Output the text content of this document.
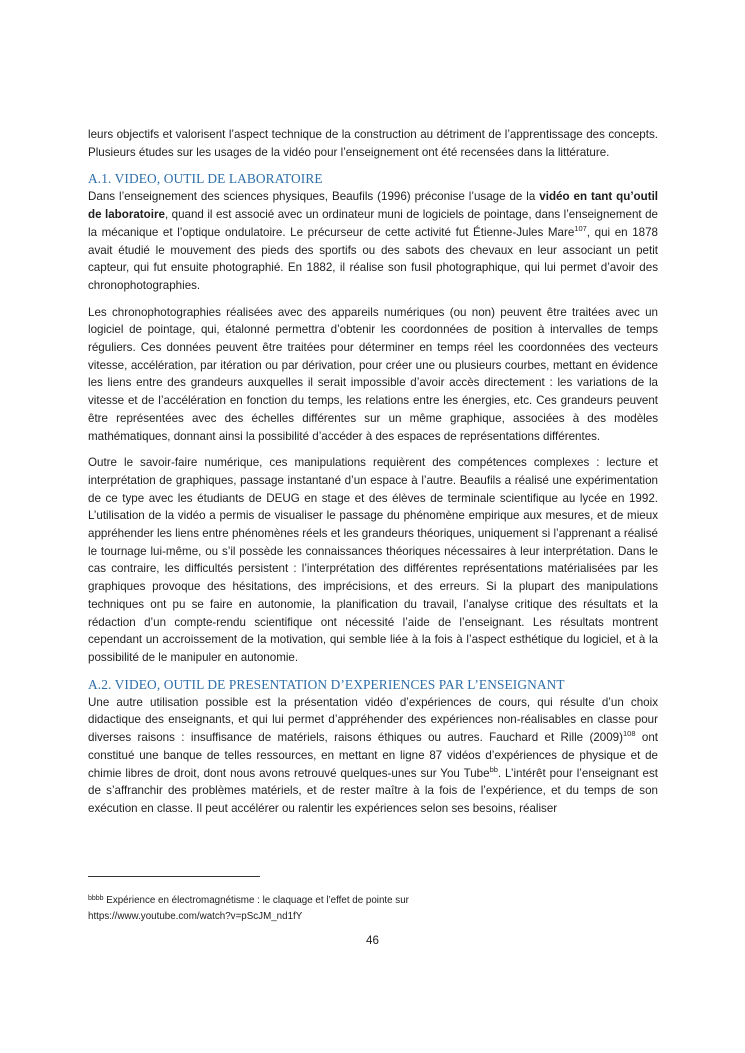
leurs objectifs et valorisent l’aspect technique de la construction au détriment de l’apprentissage des concepts. Plusieurs études sur les usages de la vidéo pour l’enseignement ont été recensées dans la littérature.

A.1. VIDEO, OUTIL DE LABORATOIRE

Dans l’enseignement des sciences physiques, Beaufils (1996) préconise l’usage de la vidéo en tant qu’outil de laboratoire, quand il est associé avec un ordinateur muni de logiciels de pointage, dans l’enseignement de la mécanique et l’optique ondulatoire. Le précurseur de cette activité fut Étienne-Jules Mare$^{107}$, qui en 1878 avait étudié le mouvement des pieds des sportifs ou des sabots des chevaux en leur associant un petit capteur, qui fut ensuite photographié. En 1882, il réalise son fusil photographique, qui lui permet d’avoir des chronophotographies.

Les chronophotographies réalisées avec des appareils numériques (ou non) peuvent être traitées avec un logiciel de pointage, qui, étalonné permettra d’obtenir les coordonnées de position à intervalles de temps réguliers. Ces données peuvent être traitées pour déterminer en temps réel les coordonnées des vecteurs vitesse, accélération, par itération ou par dérivation, pour créer une ou plusieurs courbes, mettant en évidence les liens entre des grandeurs auxquelles il serait impossible d’avoir accès directement : les variations de la vitesse et de l’accélération en fonction du temps, les relations entre les énergies, etc. Ces grandeurs peuvent être représentées avec des échelles différentes sur un même graphique, associées à des modèles mathématiques, donnant ainsi la possibilité d’accéder à des espaces de représentations différentes.

Outre le savoir-faire numérique, ces manipulations requièrent des compétences complexes : lecture et interprétation de graphiques, passage instantané d’un espace à l’autre. Beaufils a réalisé une expérimentation de ce type avec les étudiants de DEUG en stage et des élèves de terminale scientifique au lycée en 1992. L’utilisation de la vidéo a permis de visualiser le passage du phénomène empirique aux mesures, et de mieux appréhender les liens entre phénomènes réels et les grandeurs théoriques, uniquement si l’apprenant a réalisé le tournage lui-même, ou s’il possède les connaissances théoriques nécessaires à leur interprétation. Dans le cas contraire, les difficultés persistent : l’interprétation des différentes représentations matérialisées par les graphiques provoque des hésitations, des imprécisions, et des erreurs. Si la plupart des manipulations techniques ont pu se faire en autonomie, la planification du travail, l’analyse critique des résultats et la rédaction d’un compte-rendu scientifique ont nécessité l’aide de l’enseignant. Les résultats montrent cependant un accroissement de la motivation, qui semble liée à la fois à l’aspect esthétique du logiciel, et à la possibilité de le manipuler en autonomie.

A.2. VIDEO, OUTIL DE PRESENTATION D’EXPERIENCES PAR L’ENSEIGNANT

Une autre utilisation possible est la présentation vidéo d’expériences de cours, qui résulte d’un choix didactique des enseignants, et qui lui permet d’appréhender des expériences non-réalisables en classe pour diverses raisons : insuffisance de matériels, raisons éthiques ou autres. Fauchard et Rille $(2009)^{108}$ ont constitué une banque de telles ressources, en mettant en ligne 87 vidéos d’expériences de physique et de chimie libres de droit, dont nous avons retrouvé quelques-unes sur You Tube$^{bb}$. L’intérêt pour l’enseignant est de s’affranchir des problèmes matériels, et de rester maître à la fois de l’expérience, et du temps de son exécution en classe. Il peut accélérer ou ralentir les expériences selon ses besoins, réaliser

$^{bbbb}$ Expérience en électromagnétisme : le claquage et l’effet de pointe sur
https://www.youtube.com/watch?v=pScJM_nd1fY
46
